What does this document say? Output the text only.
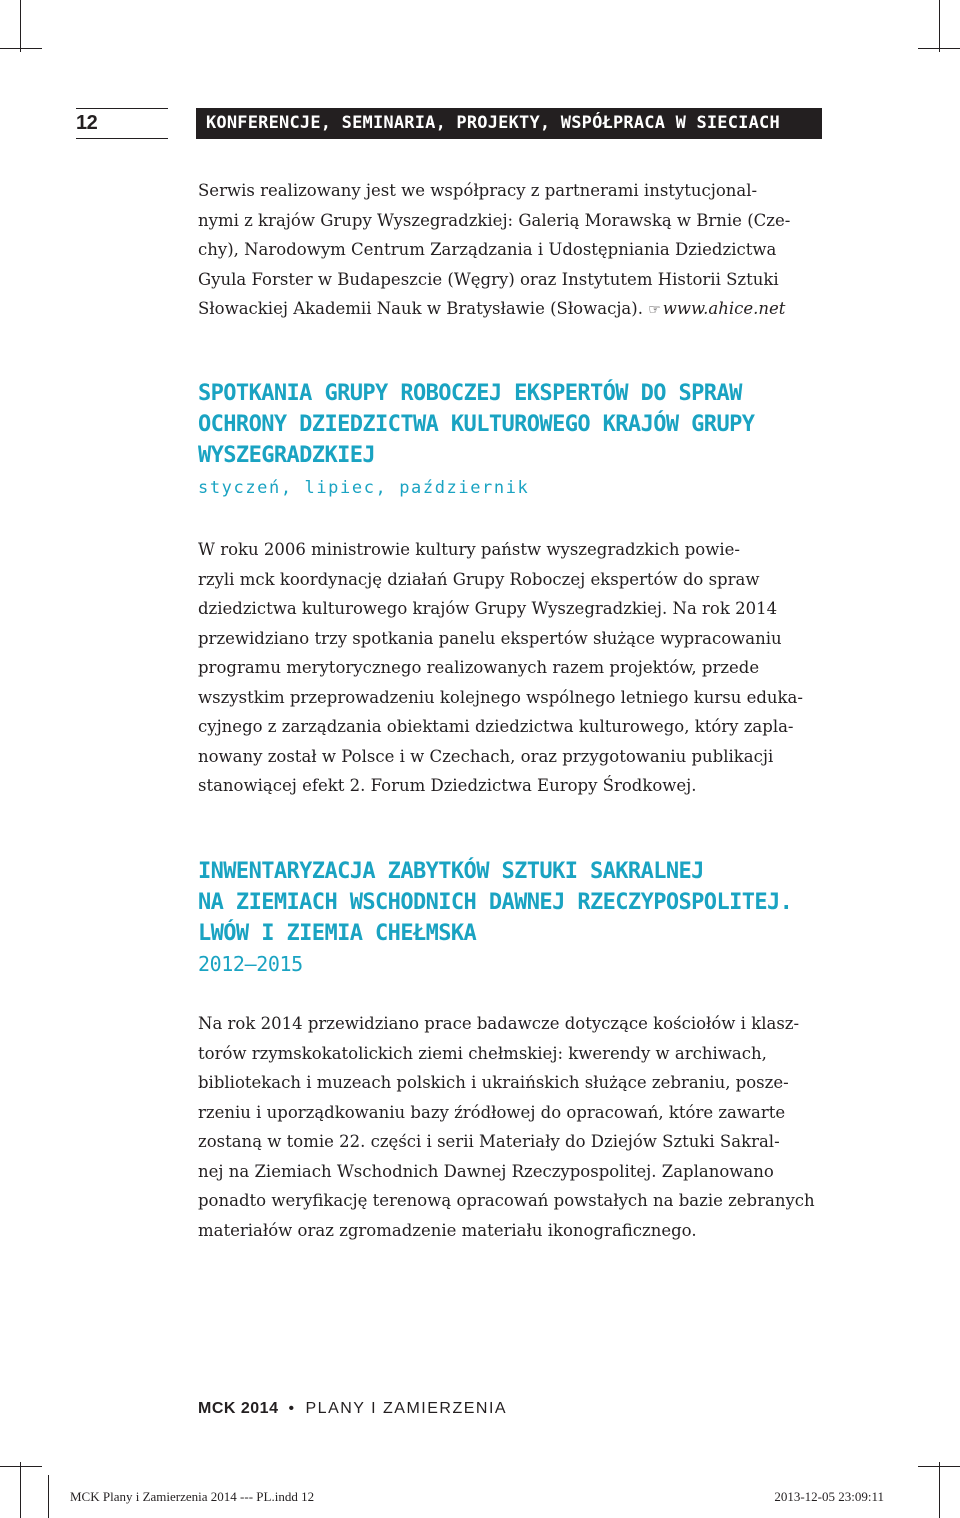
12	KONFERENCJE, SEMINARIA, PROJEKTY, WSPÓŁPRACA W SIECIACH

Serwis realizowany jest we współpracy z partnerami instytucjonal-
nymi z krajów Grupy Wyszegradzkiej: Galerią Morawską w Brnie (Cze-
chy), Narodowym Centrum Zarządzania i Udostępniania Dziedzictwa
Gyula Forster w Budapeszcie (Węgry) oraz Instytutem Historii Sztuki
Słowackiej Akademii Nauk w Bratysławie (Słowacja). ☞ www.ahice.net

SPOTKANIA GRUPY ROBOCZEJ EKSPERTÓW DO SPRAW
OCHRONY DZIEDZICTWA KULTUROWEGO KRAJÓW GRUPY
WYSZEGRADZKIEJ
styczeń, lipiec, październik

W roku 2006 ministrowie kultury państw wyszegradzkich powie-
rzyli mck koordynację działań Grupy Roboczej ekspertów do spraw
dziedzictwa kulturowego krajów Grupy Wyszegradzkiej. Na rok 2014
przewidziano trzy spotkania panelu ekspertów służące wypracowaniu
programu merytorycznego realizowanych razem projektów, przede
wszystkim przeprowadzeniu kolejnego wspólnego letniego kursu eduka-
cyjnego z zarządzania obiektami dziedzictwa kulturowego, który zapla-
nowany został w Polsce i w Czechach, oraz przygotowaniu publikacji
stanowiącej efekt 2. Forum Dziedzictwa Europy Środkowej.

INWENTARYZACJA ZABYTKÓW SZTUKI SAKRALNEJ
NA ZIEMIACH WSCHODNICH DAWNEJ RZECZYPOSPOLITEJ.
LWÓW I ZIEMIA CHEŁMSKA
2012–2015

Na rok 2014 przewidziano prace badawcze dotyczące kościołów i klasz-
torów rzymskokatolickich ziemi chełmskiej: kwerendy w archiwach,
bibliotekach i muzeach polskich i ukraińskich służące zebraniu, posze-
rzeniu i uporządkowaniu bazy źródłowej do opracowań, które zawarte
zostaną w tomie 22. części i serii Materiały do Dziejów Sztuki Sakral-
nej na Ziemiach Wschodnich Dawnej Rzeczypospolitej. Zaplanowano
ponadto weryfikację terenową opracowań powstałych na bazie zebranych
materiałów oraz zgromadzenie materiału ikonograficznego.

MCK 2014 • PLANY I ZAMIERZENIA
MCK Plany i Zamierzenia 2014 --- PL.indd 12	2013-12-05 23:09:11
